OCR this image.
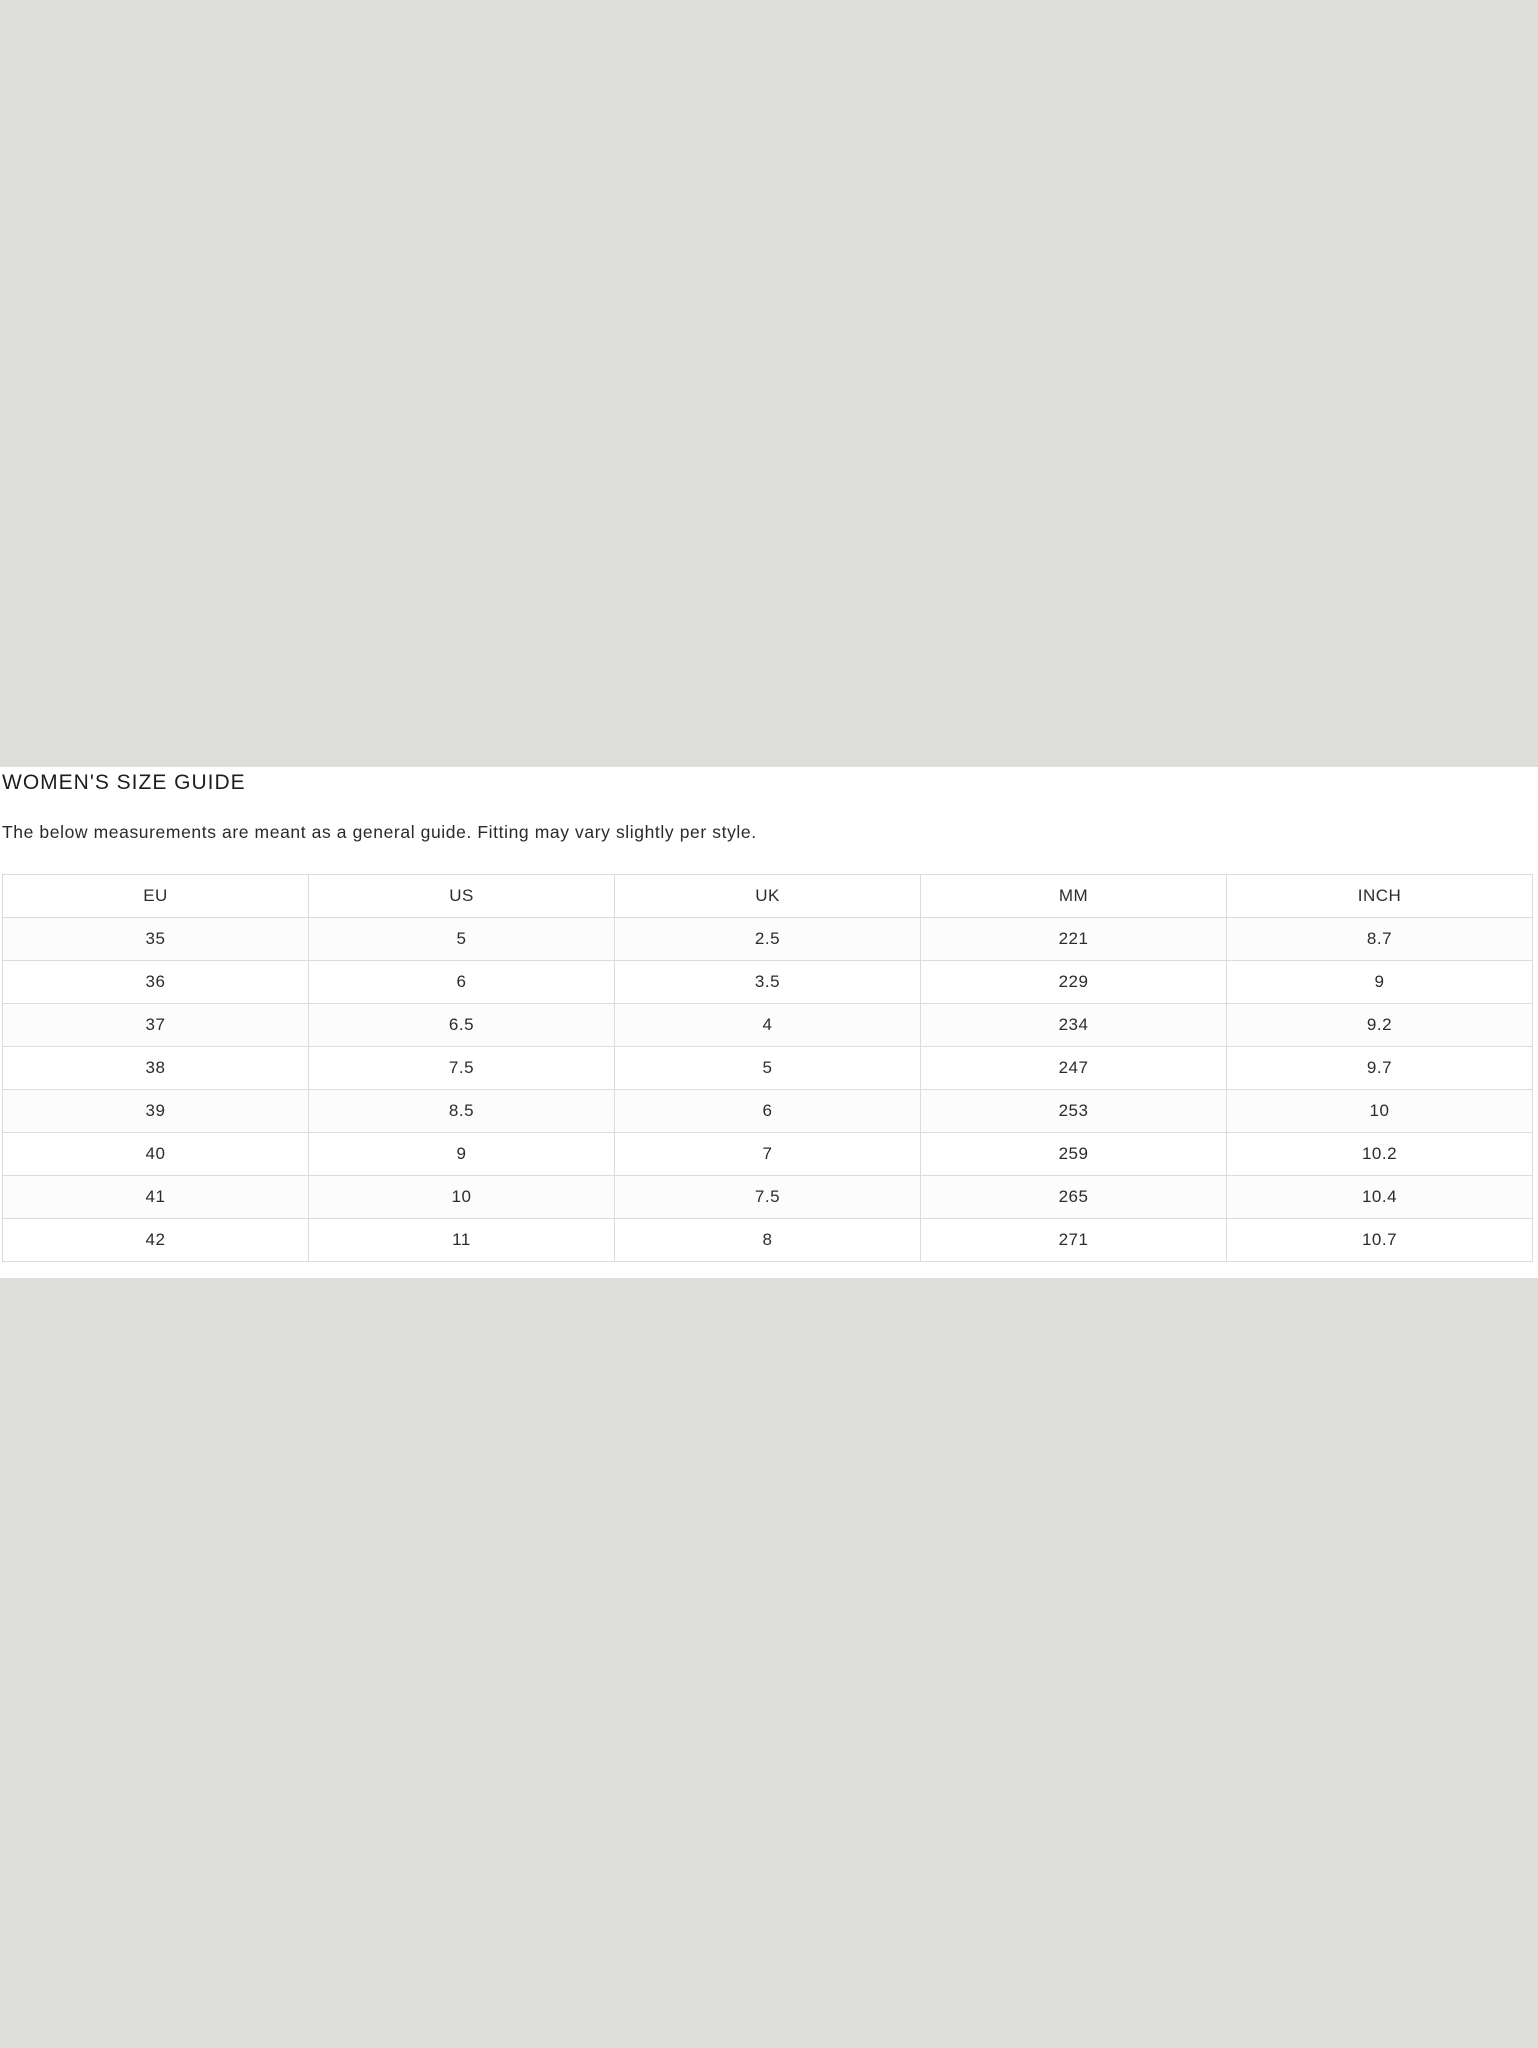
WOMEN'S SIZE GUIDE
The below measurements are meant as a general guide. Fitting may vary slightly per style.
EU	US	UK	MM	INCH
35	5	2.5	221	8.7
36	6	3.5	229	9
37	6.5	4	234	9.2
38	7.5	5	247	9.7
39	8.5	6	253	10
40	9	7	259	10.2
41	10	7.5	265	10.4
42	11	8	271	10.7
